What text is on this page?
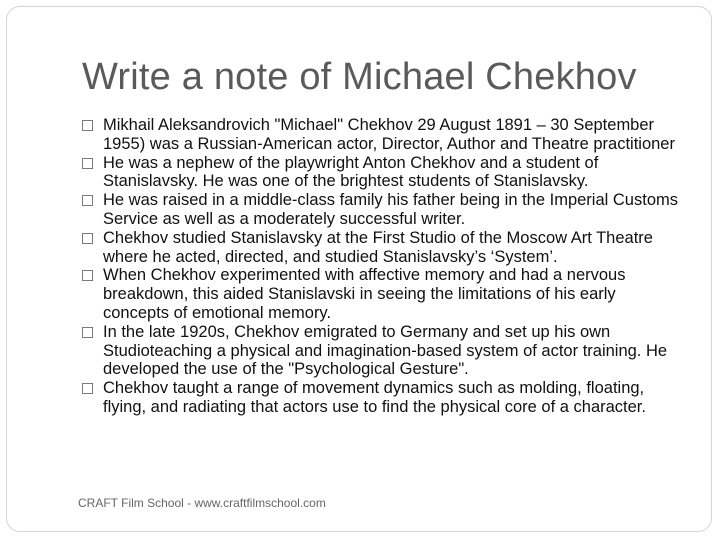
Write a note of Michael Chekhov
Mikhail Aleksandrovich "Michael" Chekhov 29 August 1891 – 30 September 1955) was a Russian-American actor, Director, Author and Theatre practitioner
He was a nephew of the playwright Anton Chekhov and a student of Stanislavsky. He was one of the brightest students of Stanislavsky.
He was raised in a middle-class family his father being in the Imperial Customs Service as well as a moderately successful writer.
Chekhov studied Stanislavsky at the First Studio of the Moscow Art Theatre where he acted, directed, and studied Stanislavsky’s ‘System’.
When Chekhov experimented with affective memory and had a nervous breakdown, this aided Stanislavski in seeing the limitations of his early concepts of emotional memory.
In the late 1920s, Chekhov emigrated to Germany and set up his own Studioteaching a physical and imagination-based system of actor training. He developed the use of the "Psychological Gesture".
Chekhov taught a range of movement dynamics such as molding, floating, flying, and radiating that actors use to find the physical core of a character.
CRAFT Film School - www.craftfilmschool.com
